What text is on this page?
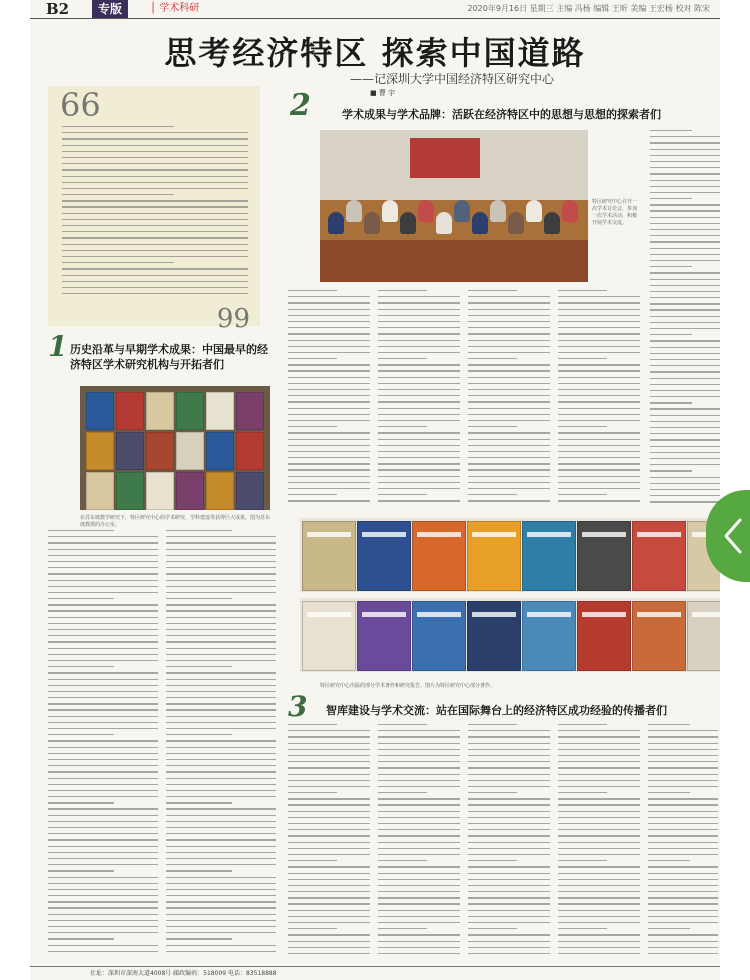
B2	专版	│ 学术科研	2020年9月16日 星期三 主编 冯杨 编辑 王昕 美编 王宏杨 校对 陈宋
思考经济特区 探索中国道路
——记深圳大学中国经济特区研究中心
■ 曹 宇
66
99
1 历史沿革与早期学术成果：中国最早的经济特区学术研究机构与开拓者们
在苏东坡教学研究下，特区研究中心的学术研究、学科建设等获得巨大成果。图为苏东坡教授的办公室。
2	学术成果与学术品牌：活跃在经济特区中的思想与思想的探索者们
特区研究中心召开一次学术讨论会，参加一次学术活动，积极开展学术交流。
特区研究中心出版的部分学术著作和研究报告。图片为特区研究中心部分著作。
3 智库建设与学术交流：站在国际舞台上的经济特区成功经验的传播者们
社址：深圳市深南大道4008号 邮政编码：518009 电话：83518888
